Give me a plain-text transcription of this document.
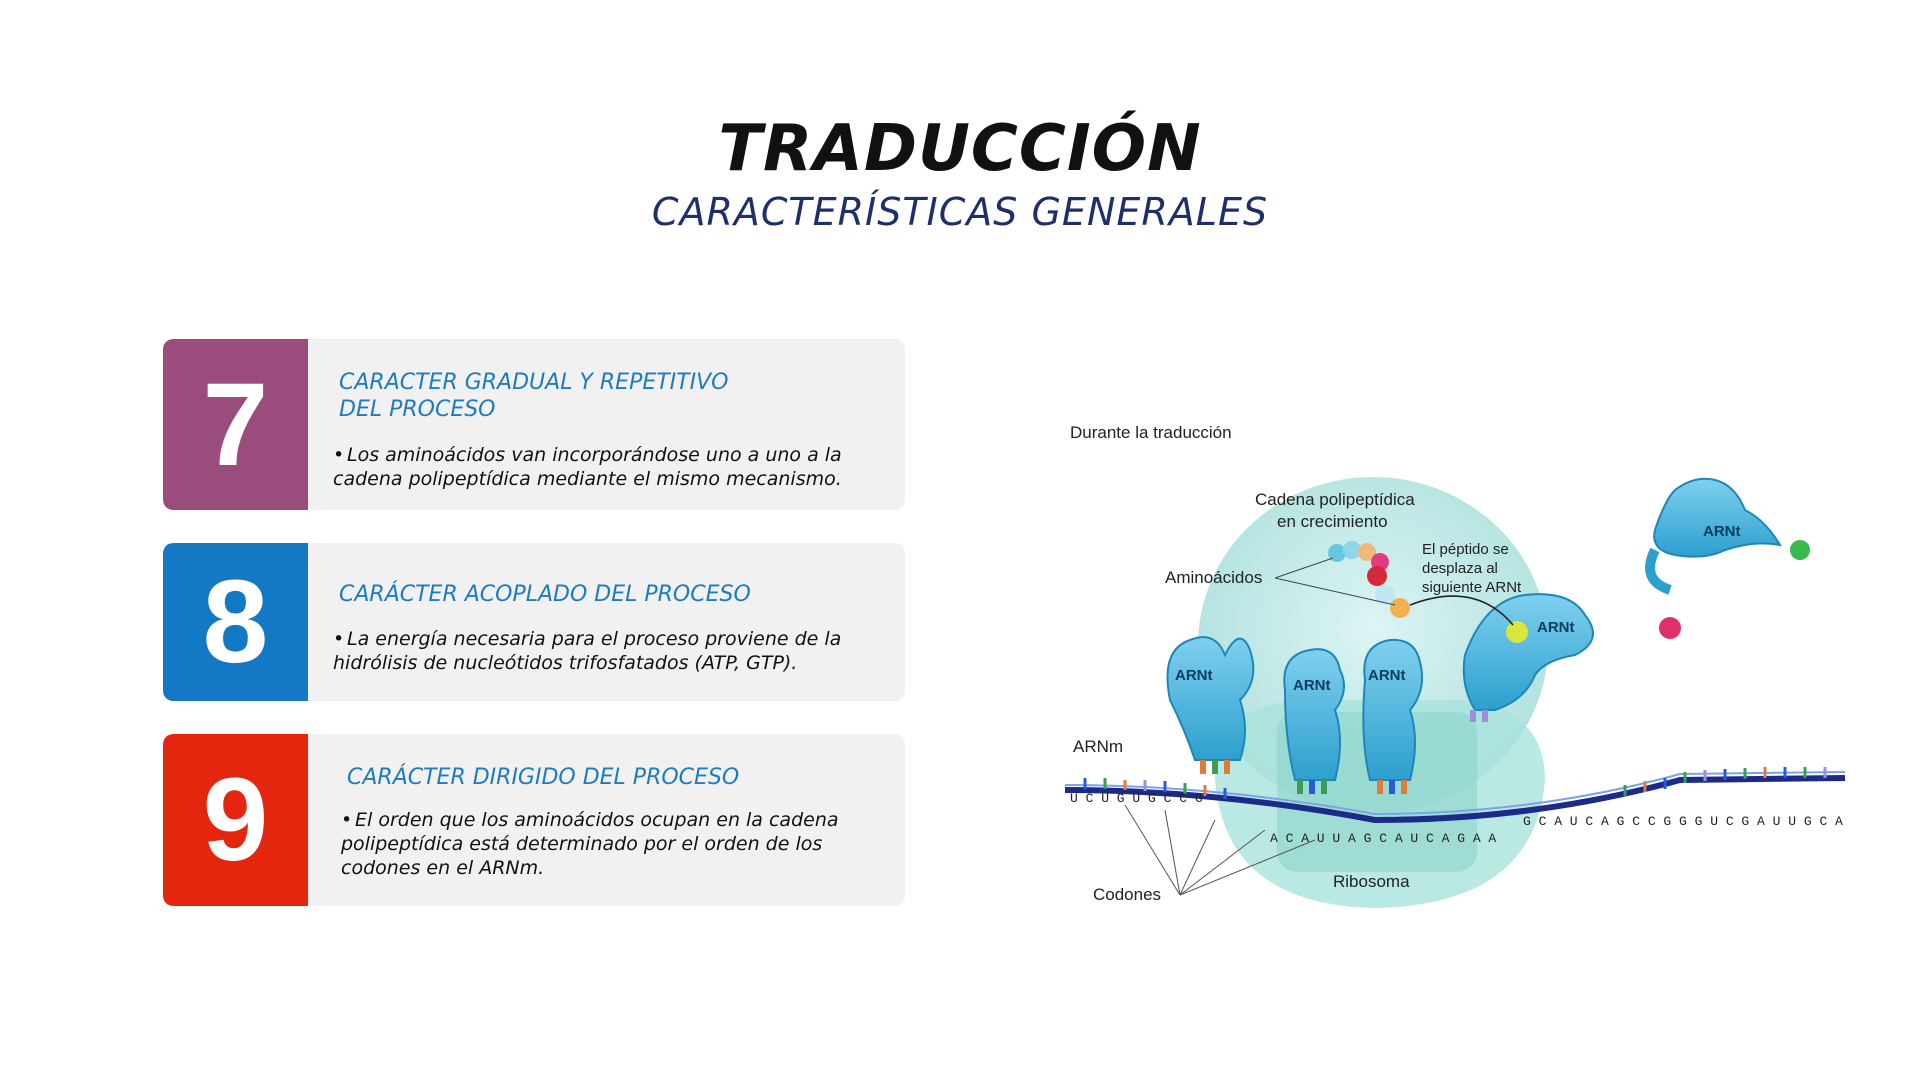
TRADUCCIÓN
CARACTERÍSTICAS GENERALES
7	CARACTER GRADUAL Y REPETITIVO
DEL PROCESO
• Los aminoácidos van incorporándose uno a uno a la cadena polipeptídica mediante el mismo mecanismo.
8	CARÁCTER ACOPLADO DEL PROCESO
• La energía necesaria para el proceso proviene de la hidrólisis de nucleótidos trifosfatados (ATP, GTP).
9	CARÁCTER DIRIGIDO DEL PROCESO
• El orden que los aminoácidos ocupan en la cadena polipeptídica está determinado por el orden de los codones en el ARNm.
Durante la traducción
Cadena polipeptídica
en crecimiento
Aminoácidos
El péptido se
desplaza al
siguiente ARNt
ARNt
ARNt
ARNt
ARNt
ARNt
ARNm
U C U G U G C C G
A C A U U A G C A U C A G A A
G C A U C A G C C G G G U C G A U U G C A
Codones
Ribosoma
